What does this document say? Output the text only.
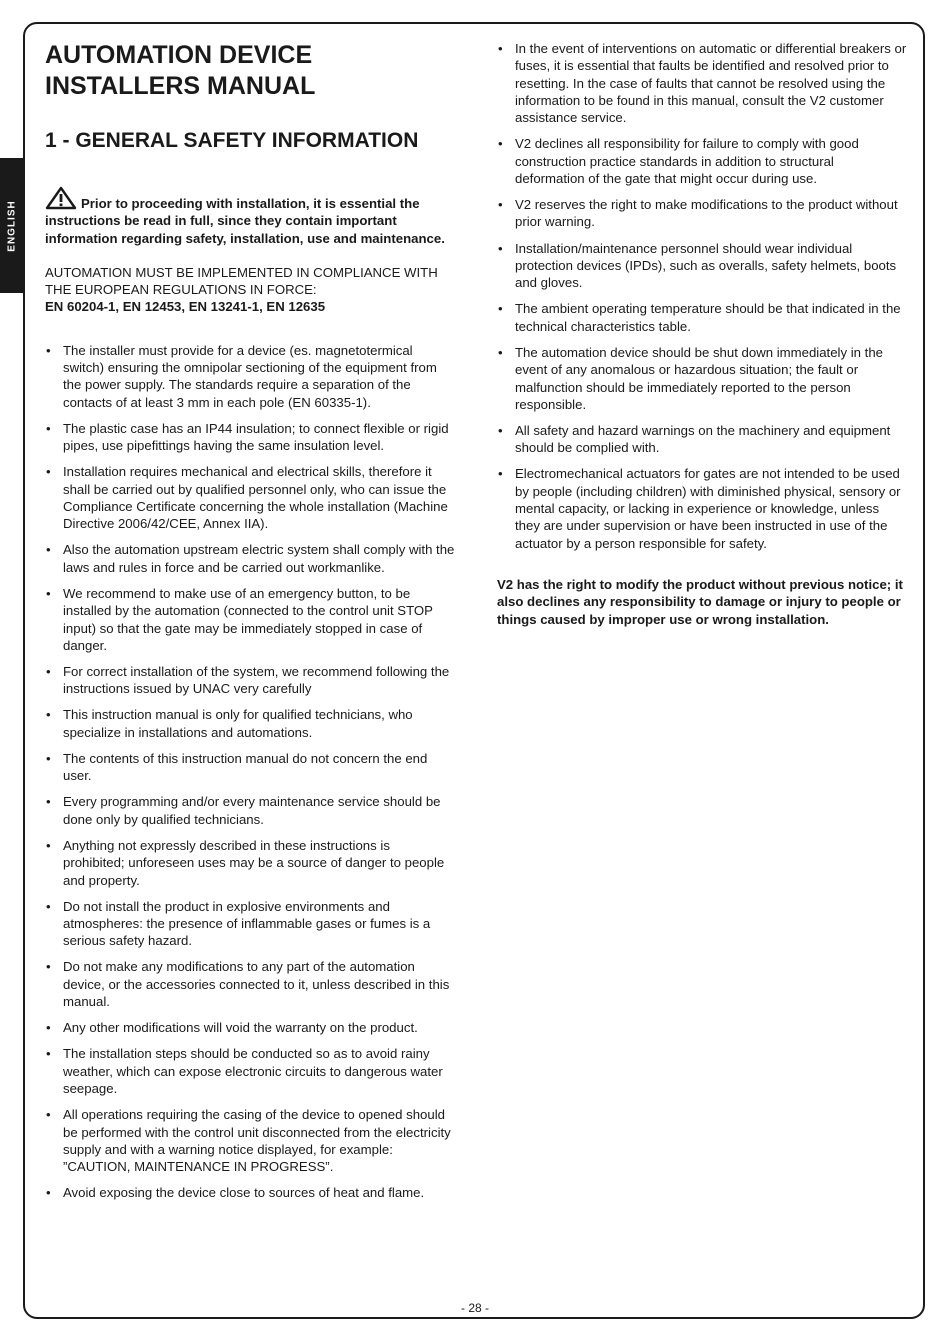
ENGLISH
AUTOMATION DEVICE
INSTALLERS MANUAL
1 - GENERAL SAFETY INFORMATION
Prior to proceeding with installation, it is essential the instructions be read in full, since they contain important information regarding safety, installation, use and maintenance.
AUTOMATION MUST BE IMPLEMENTED IN COMPLIANCE WITH THE EUROPEAN REGULATIONS IN FORCE:
EN 60204-1, EN 12453, EN 13241-1, EN 12635
• The installer must provide for a device (es. magnetotermical switch) ensuring the omnipolar sectioning of the equipment from the power supply. The standards require a separation of the contacts of at least 3 mm in each pole (EN 60335-1).
• The plastic case has an IP44 insulation; to connect flexible or rigid pipes, use pipefittings having the same insulation level.
• Installation requires mechanical and electrical skills, therefore it shall be carried out by qualified personnel only, who can issue the Compliance Certificate concerning the whole installation (Machine Directive 2006/42/CEE, Annex IIA).
• Also the automation upstream electric system shall comply with the laws and rules in force and be carried out workmanlike.
• We recommend to make use of an emergency button, to be installed by the automation (connected to the control unit STOP input) so that the gate may be immediately stopped in case of danger.
• For correct installation of the system, we recommend following the instructions issued by UNAC very carefully
• This instruction manual is only for qualified technicians, who specialize in installations and automations.
• The contents of this instruction manual do not concern the end user.
• Every programming and/or every maintenance service should be done only by qualified technicians.
• Anything not expressly described in these instructions is prohibited; unforeseen uses may be a source of danger to people and property.
• Do not install the product in explosive environments and atmospheres: the presence of inflammable gases or fumes is a serious safety hazard.
• Do not make any modifications to any part of the automation device, or the accessories connected to it, unless described in this manual.
• Any other modifications will void the warranty on the product.
• The installation steps should be conducted so as to avoid rainy weather, which can expose electronic circuits to dangerous water seepage.
• All operations requiring the casing of the device to opened should be performed with the control unit disconnected from the electricity supply and with a warning notice displayed, for example: ”CAUTION, MAINTENANCE IN PROGRESS”.
• Avoid exposing the device close to sources of heat and flame.
• In the event of interventions on automatic or differential breakers or fuses, it is essential that faults be identified and resolved prior to resetting. In the case of faults that cannot be resolved using the information to be found in this manual, consult the V2 customer assistance service.
• V2 declines all responsibility for failure to comply with good construction practice standards in addition to structural deformation of the gate that might occur during use.
• V2 reserves the right to make modifications to the product without prior warning.
• Installation/maintenance personnel should wear individual protection devices (IPDs), such as overalls, safety helmets, boots and gloves.
• The ambient operating temperature should be that indicated in the technical characteristics table.
• The automation device should be shut down immediately in the event of any anomalous or hazardous situation; the fault or malfunction should be immediately reported to the person responsible.
• All safety and hazard warnings on the machinery and equipment should be complied with.
• Electromechanical actuators for gates are not intended to be used by people (including children) with diminished physical, sensory or mental capacity, or lacking in experience or knowledge, unless they are under supervision or have been instructed in use of the actuator by a person responsible for safety.
V2 has the right to modify the product without previous notice; it also declines any responsibility to damage or injury to people or things caused by improper use or wrong installation.
- 28 -
